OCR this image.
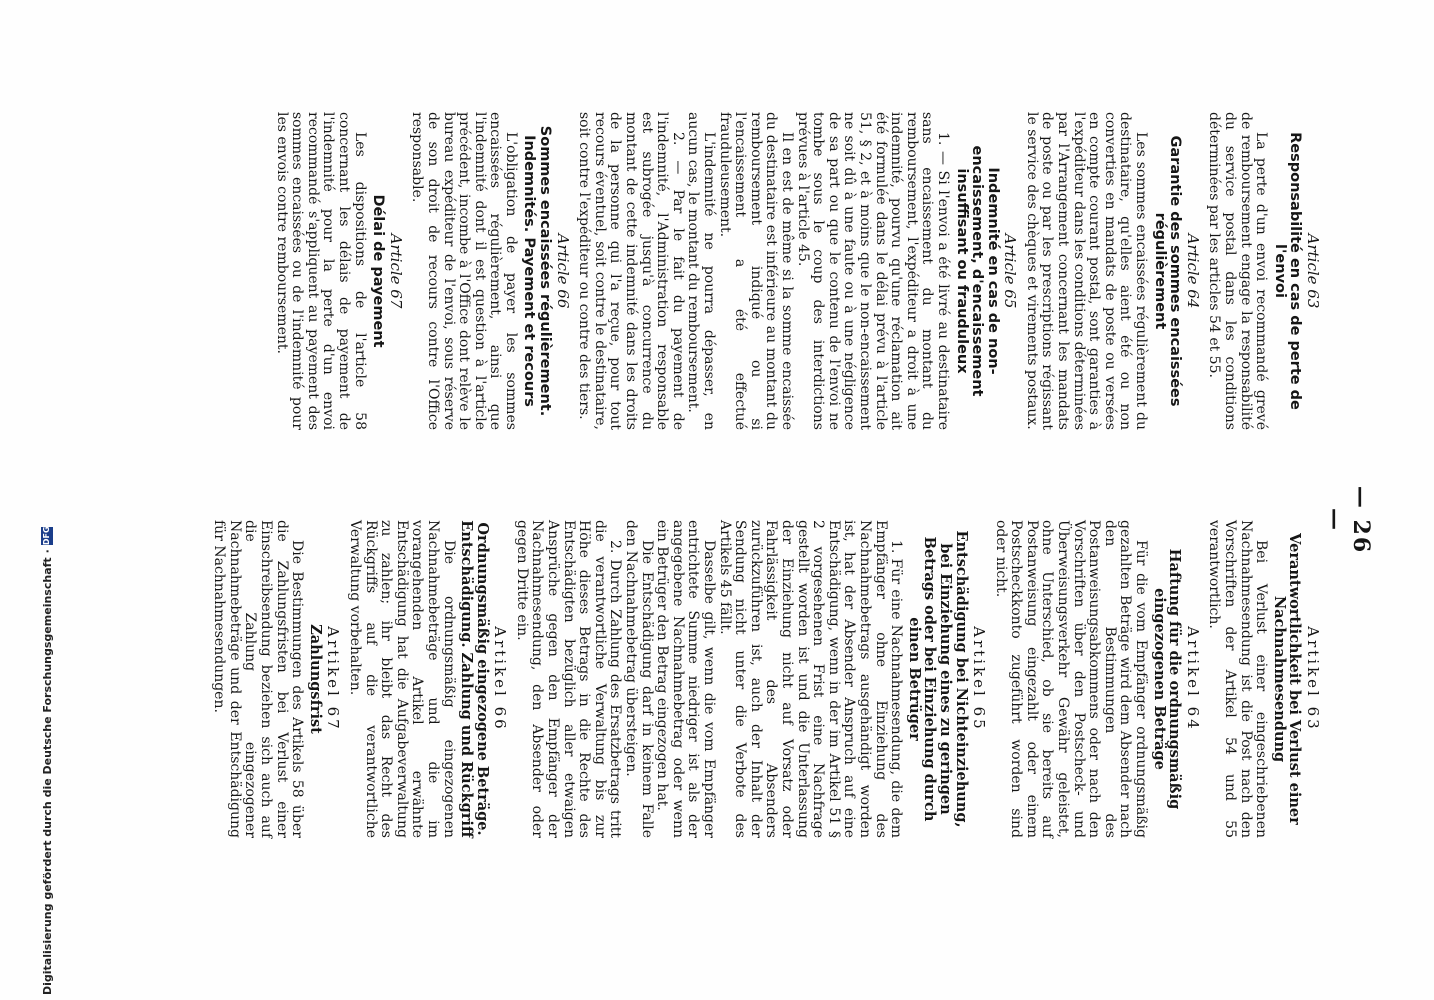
— 26 —
Article 63
Responsabilité en cas de perte de l'envoi

La perte d'un envoi recommandé grevé de remboursement engage la responsabilité du service postal dans les conditions déterminées par les articles 54 et 55.

Article 64
Garantie des sommes encaissées régulièrement

Les sommes encaissées régulièrement du destinataire, qu'elles aient été ou non converties en mandats de poste ou versées en compte courant postal, sont garanties à l'expéditeur dans les conditions déterminées par l'Arrangement concernant les mandats de poste ou par les prescriptions régissant le service des chèques et virements postaux.

Article 65
Indemnité en cas de non-encaissement, d'encaissement insuffisant ou frauduleux

1. — Si l'envoi a été livré au destinataire sans encaissement du montant du remboursement, l'expéditeur a droit à une indemnité, pourvu qu'une réclamation ait été formulée dans le délai prévu à l'article 51, § 2, et à moins que le non-encaissement ne soit dû à une faute ou à une négligence de sa part ou que le contenu de l'envoi ne tombe sous le coup des interdictions prévues à l'article 45.

Il en est de même si la somme encaissée du destinataire est inférieure au montant du remboursement indiqué ou si l'encaissement a été effectué frauduleusement.

L'indemnité ne pourra dépasser, en aucun cas, le montant du remboursement.

2. — Par le fait du payement de l'indemnité, l'Administration responsable est subrogée jusqu'à concurrence du montant de cette indemnité dans les droits de la personne qui l'a reçue, pour tout recours éventuel, soit contre le destinataire, soit contre l'expéditeur ou contre des tiers.

Article 66
Sommes encaissées régulièrement. Indemnités. Payement et recours

L'obligation de payer les sommes encaissées régulièrement, ainsi que l'indemnité dont il est question à l'article précédent, incombe à l'Office dont relève le bureau expéditeur de l'envoi, sous réserve de son droit de recours contre l'Office responsable.

Article 67
Délai de payement

Les dispositions de l'article 58 concernant les délais de payement de l'indemnité pour la perte d'un envoi recommandé s'appliquent au payement des sommes encaissées ou de l'indemnité pour les envois contre remboursement.

Artikel 63
Verantwortlichkeit bei Verlust einer Nachnahmesendung

Bei Verlust einer eingeschriebenen Nachnahmesendung ist die Post nach den Vorschriften der Artikel 54 und 55 verantwortlich.

Artikel 64
Haftung für die ordnungsmäßig eingezogenen Beträge

Für die vom Empfänger ordnungsmäßig gezahlten Beträge wird dem Absender nach den Bestimmungen des Postanweisungsabkommens oder nach den Vorschriften über den Postscheck- und Überweisungsverkehr Gewähr geleistet, ohne Unterschied, ob sie bereits auf Postanweisung eingezahlt oder einem Postscheckkonto zugeführt worden sind oder nicht.

Artikel 65
Entschädigung bei Nichteinziehung, bei Einziehung eines zu geringen Betrags oder bei Einziehung durch einen Betrüger

1. Für eine Nachnahmesendung, die dem Empfänger ohne Einziehung des Nachnahmebetrags ausgehändigt worden ist, hat der Absender Anspruch auf eine Entschädigung, wenn in der im Artikel 51 § 2 vorgesehenen Frist eine Nachfrage gestellt worden ist und die Unterlassung der Einziehung nicht auf Vorsatz oder Fahrlässigkeit des Absenders zurückzuführen ist, auch der Inhalt der Sendung nicht unter die Verbote des Artikels 45 fällt.

Dasselbe gilt, wenn die vom Empfänger entrichtete Summe niedriger ist als der angegebene Nachnahmebetrag oder wenn ein Betrüger den Betrag eingezogen hat.

Die Entschädigung darf in keinem Falle den Nachnahmebetrag übersteigen.

2. Durch Zahlung des Ersatzbetrags tritt die verantwortliche Verwaltung bis zur Höhe dieses Betrags in die Rechte des Entschädigten bezüglich aller etwaigen Ansprüche gegen den Empfänger der Nachnahmesendung, den Absender oder gegen Dritte ein.

Artikel 66
Ordnungsmäßig eingezogene Beträge. Entschädigung. Zahlung und Rückgriff

Die ordnungsmäßig eingezogenen Nachnahmebeträge und die im vorangehenden Artikel erwähnte Entschädigung hat die Aufgabeverwaltung zu zahlen; ihr bleibt das Recht des Rückgriffs auf die verantwortliche Verwaltung vorbehalten.

Artikel 67
Zahlungsfrist

Die Bestimmungen des Artikels 58 über die Zahlungsfristen bei Verlust einer Einschreibsendung beziehen sich auch auf die Zahlung eingezogener Nachnahmebeträge und der Entschädigung für Nachnahmesendungen.

Digitalisierung gefördert durch die Deutsche Forschungsgemeinschaft
·
DFG
